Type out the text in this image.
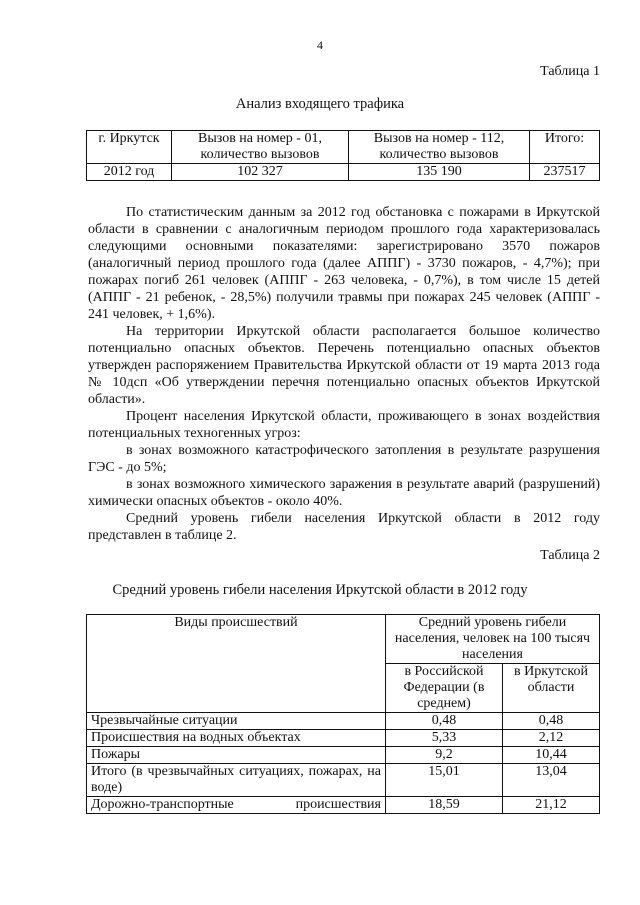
4
Таблица 1
Анализ входящего трафика
г. Иркутск	Вызов на номер - 01, количество вызовов	Вызов на номер - 112, количество вызовов	Итого:
2012 год	102 327	135 190	237517

По статистическим данным за 2012 год обстановка с пожарами в Иркутской области в сравнении с аналогичным периодом прошлого года характеризовалась следующими основными показателями: зарегистрировано 3570 пожаров (аналогичный период прошлого года (далее АППГ) - 3730 пожаров, - 4,7%); при пожарах погиб 261 человек (АППГ - 263 человека, - 0,7%), в том числе 15 детей (АППГ - 21 ребенок, - 28,5%) получили травмы при пожарах 245 человек (АППГ - 241 человек, + 1,6%).

На территории Иркутской области располагается большое количество потенциально опасных объектов. Перечень потенциально опасных объектов утвержден распоряжением Правительства Иркутской области от 19 марта 2013 года № 10дсп «Об утверждении перечня потенциально опасных объектов Иркутской области».

Процент населения Иркутской области, проживающего в зонах воздействия потенциальных техногенных угроз:

в зонах возможного катастрофического затопления в результате разрушения ГЭС - до 5%;

в зонах возможного химического заражения в результате аварий (разрушений) химически опасных объектов - около 40%.

Средний уровень гибели населения Иркутской области в 2012 году представлен в таблице 2.

Таблица 2
Средний уровень гибели населения Иркутской области в 2012 году
Виды происшествий	Средний уровень гибели населения, человек на 100 тысяч населения	
	в Российской Федерации (в среднем)	в Иркутской области
Чрезвычайные ситуации	0,48	0,48
Происшествия на водных объектах	5,33	2,12
Пожары	9,2	10,44
Итого (в чрезвычайных ситуациях, пожарах, на воде)	15,01	13,04
Дорожно-транспортные происшествия	18,59	21,12
